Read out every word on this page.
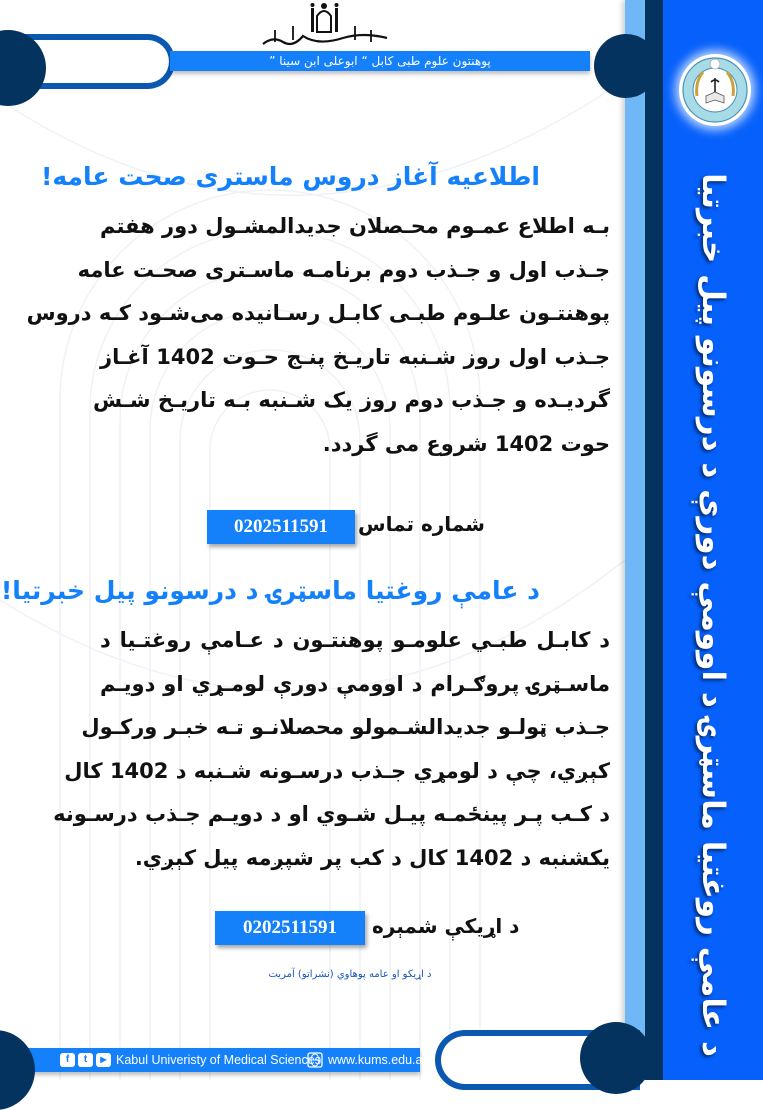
د عامې روغتیا ماسټرۍ د اوومې دورې د درسونو پیل خبرتیا
پوهنتون علوم طبی کابل “ ابوعلی ابن سینا ”
بسم الله الرحمن الرحيم
اطلاعیه آغاز دروس ماستری صحت عامه!
بـه اطلاع عمـوم محـصلان جدیدالمشـول دور هفتم
جـذب اول و جـذب دوم برنامـه ماسـتری صحـت عامه
پوهنتـون علـوم طبـی کابـل رسـانیده می‌شـود کـه دروس
جـذب اول روز شـنبه تاریـخ پنـج حـوت 1402 آغـاز
گردیـده و جـذب دوم روز یک شـنبه بـه تاریـخ شـش
حوت 1402 شروع می گردد.
شماره تماس
0202511591
د عامې روغتیا ماسټرۍ د درسونو پیل خبرتیا!
د کابـل طبـي علومـو پوهنتـون د عـامې روغتـیا د
ماسـټرۍ پروګـرام د اوومې دورې لومـړي او دویـم
جـذب ټولـو جدیدالشـمولو محصلانـو تـه خبـر ورکـول
کېږي، چې د لومړي جـذب درسـونه شـنبه د 1402 کال
د کـب پـر پینځمـه پیـل شـوي او د دویـم جـذب درسـونه
یکشنبه د 1402 کال د کب پر شپږمه پیل کېږي.
د اړیکې شمېره
0202511591
د اړیکو او عامه پوهاوي (نشراتو) آمریت
f	t	▶ Kabul Univeristy of Medical Sciences www.kums.edu.af
